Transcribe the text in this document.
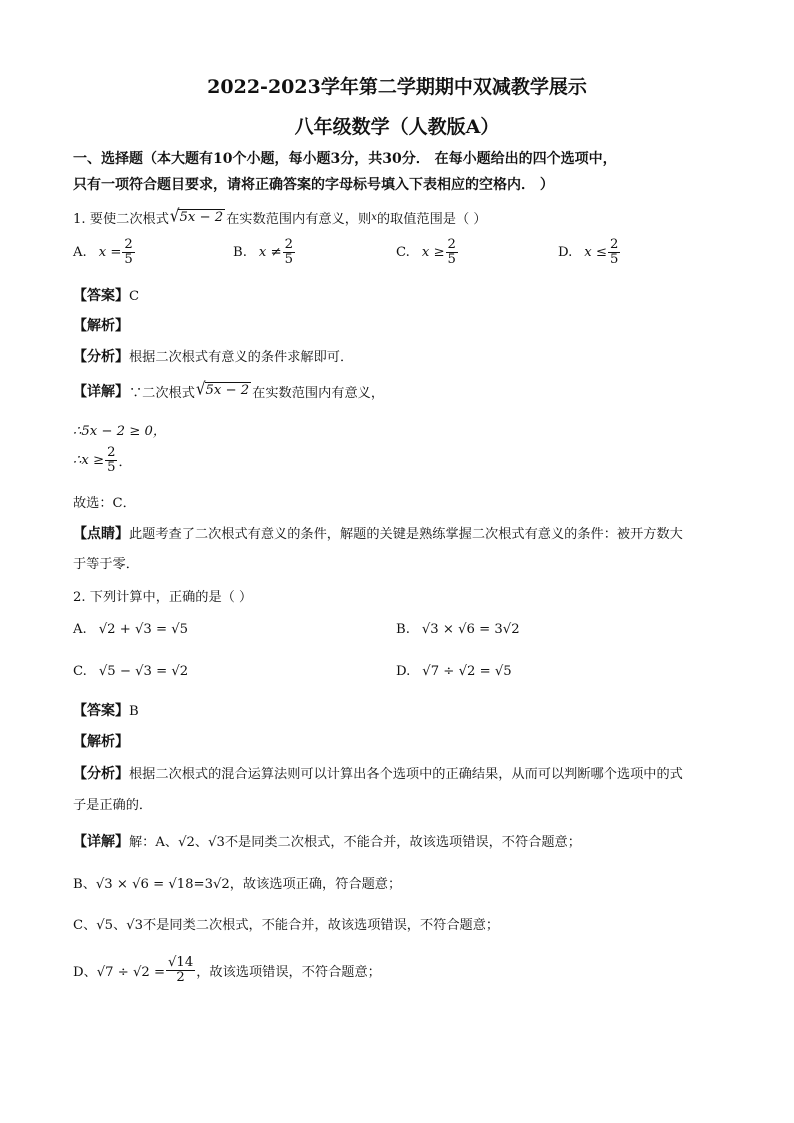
2022-2023学年第二学期期中双减教学展示
八年级数学（人教版A）
一、选择题（本大题有10个小题，每小题3分，共30分． 在每小题给出的四个选项中，
只有一项符合题目要求，请将正确答案的字母标号填入下表相应的空格内． ）
1. 要使二次根式 √ 5x − 2 在实数范围内有意义，则 x 的取值范围是（ ）
A. $x = \frac{2}{5}$	B. $x \ne \frac{2}{5}$	C. $x \ge \frac{2}{5}$	D. $x \le \frac{2}{5}$
【答案】C
【解析】
【分析】根据二次根式有意义的条件求解即可．
【详解】 ∵二次根式 √ 5x − 2 在实数范围内有意义，
∴5x − 2 ≥ 0，
∴x ≥ $\frac{2}{5}$ ．
故选：C．
【点睛】此题考查了二次根式有意义的条件，解题的关键是熟练掌握二次根式有意义的条件：被开方数大
于等于零．
2. 下列计算中，正确的是（ ）
A. √2
+
√3
=
√5	B. √3
×
√6
=
3√2
C. √5
−
√3
=
√2	D. √7
÷
√2
=
√5
【答案】B
【解析】
【分析】根据二次根式的混合运算法则可以计算出各个选项中的正确结果，从而可以判断哪个选项中的式
子是正确的．
【详解】解：A、√2、√3不是同类二次根式，不能合并，故该选项错误，不符合题意；
B、√3 × √6 = √18=3√2，故该选项正确，符合题意；
C、√5、√3不是同类二次根式，不能合并，故该选项错误，不符合题意；
D、$√7 \div √2 = \frac{√14}{2}$ ，故该选项错误，不符合题意；
